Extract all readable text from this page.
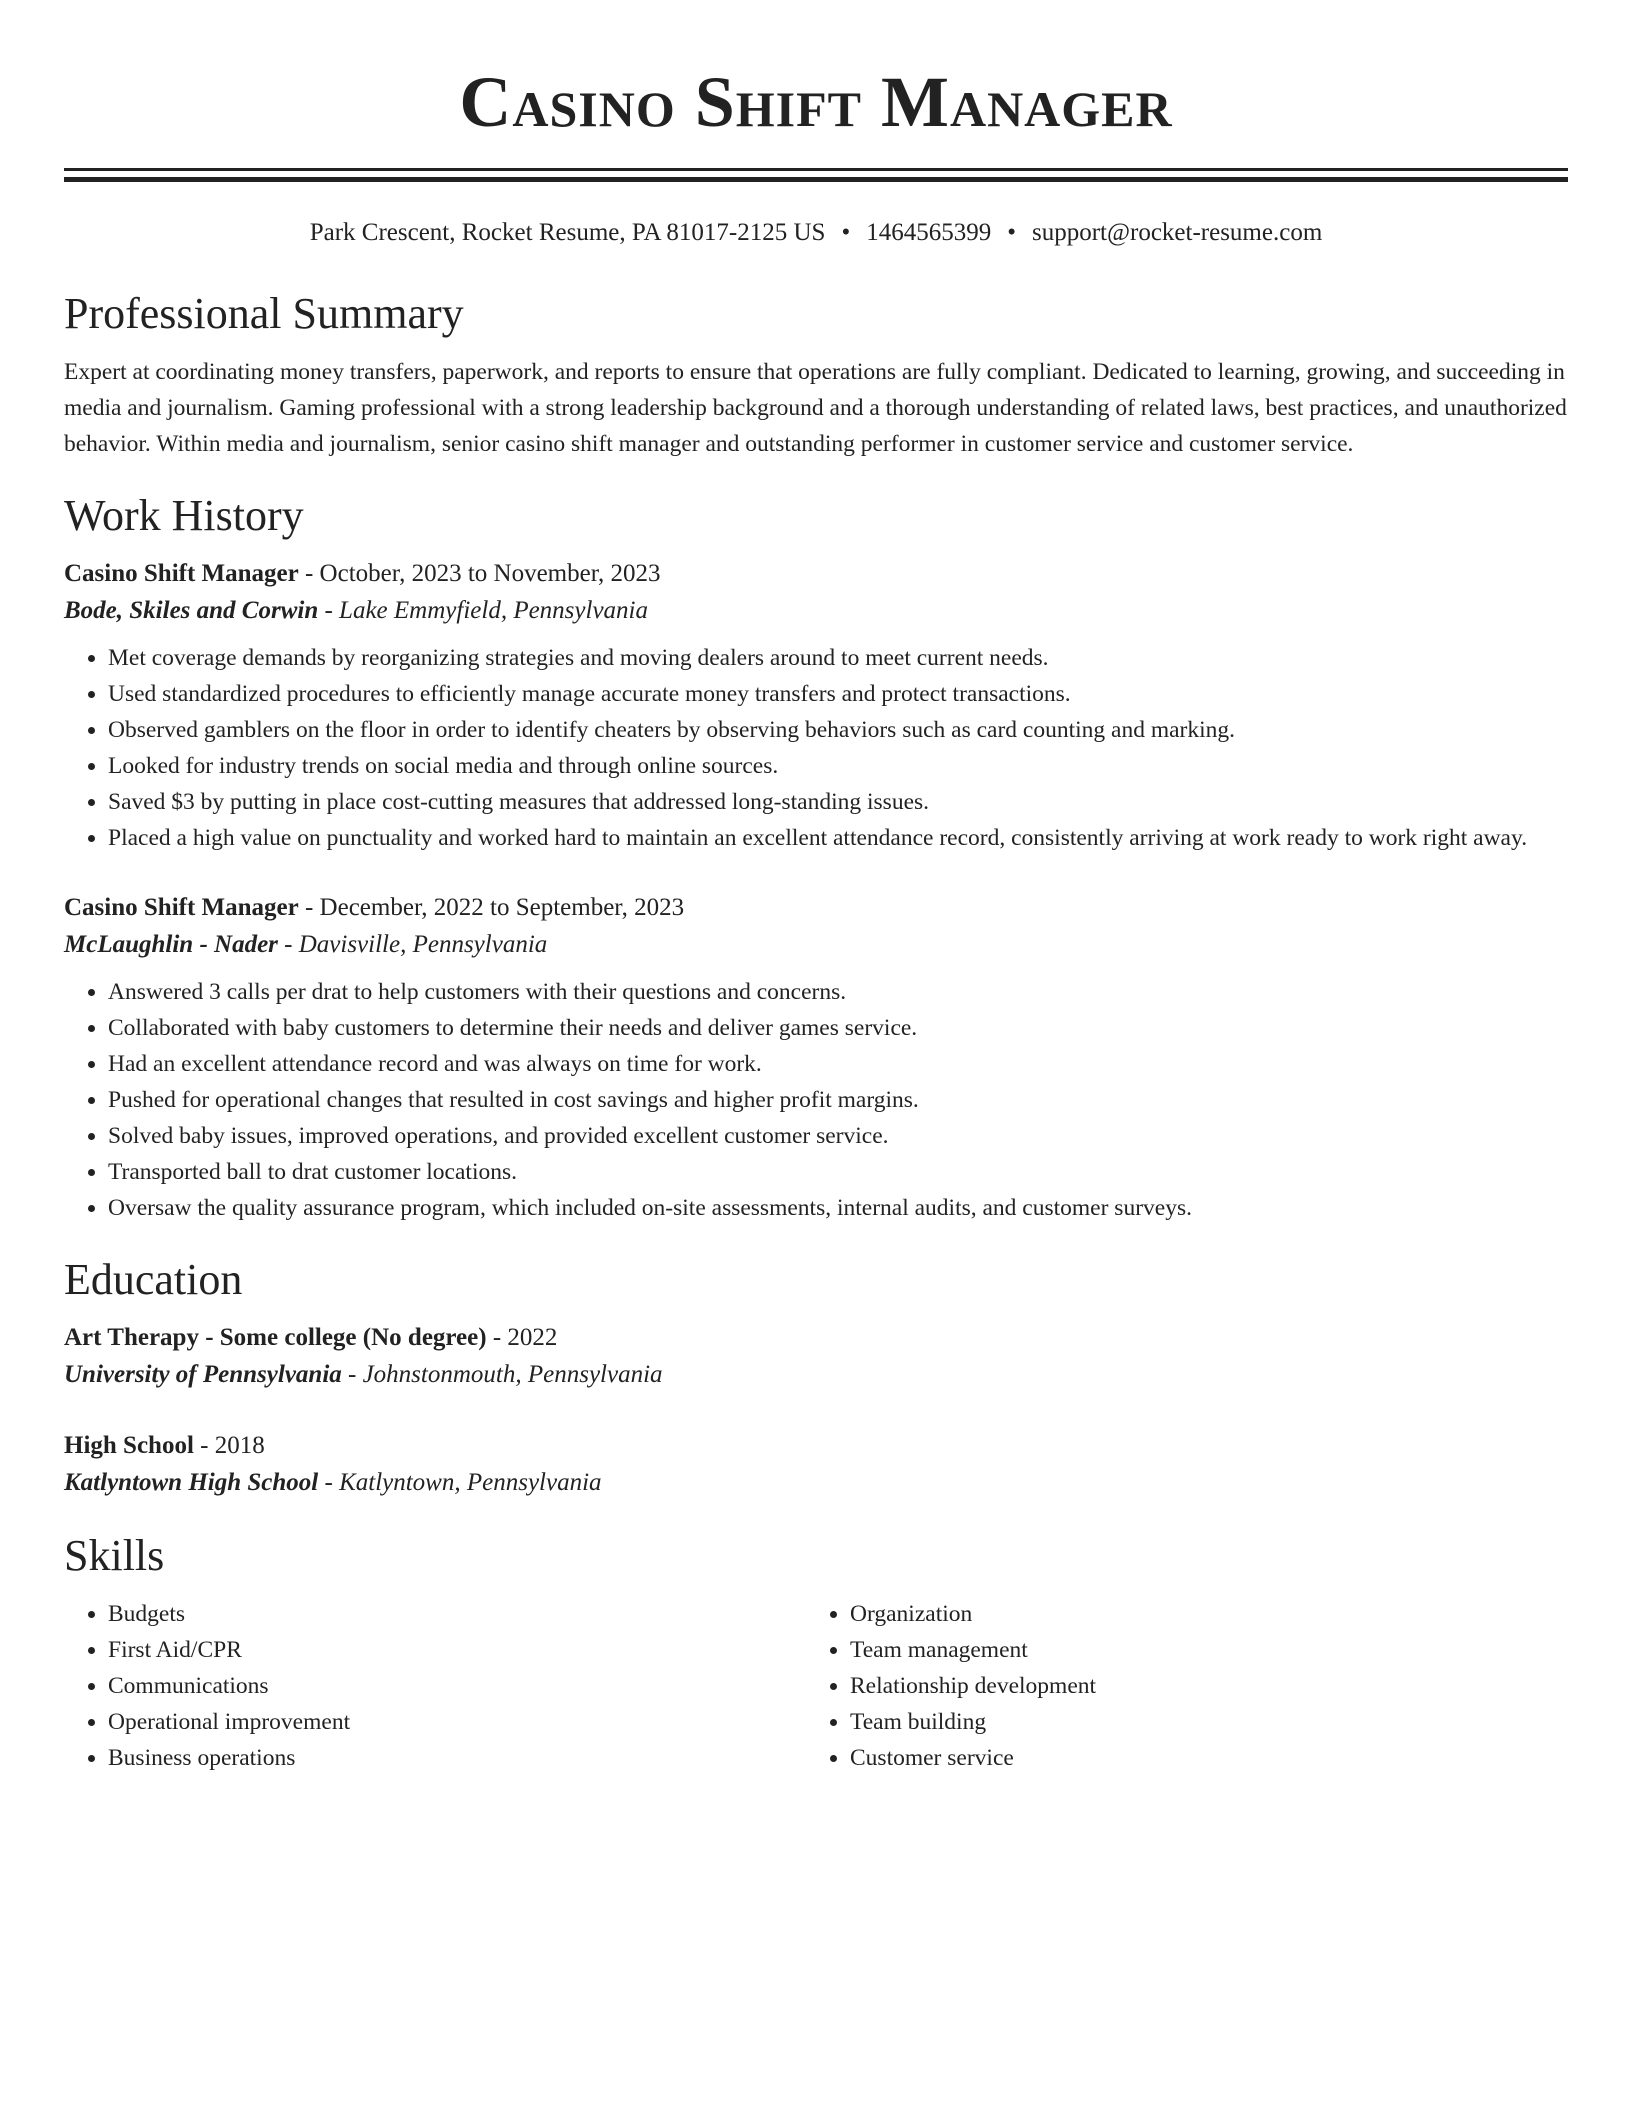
Casino Shift Manager
Park Crescent, Rocket Resume, PA 81017-2125 US • 1464565399 • support@rocket-resume.com
Professional Summary

Expert at coordinating money transfers, paperwork, and reports to ensure that operations are fully compliant. Dedicated to learning, growing, and succeeding in media and journalism. Gaming professional with a strong leadership background and a thorough understanding of related laws, best practices, and unauthorized behavior. Within media and journalism, senior casino shift manager and outstanding performer in customer service and customer service.

Work History
Casino Shift Manager - October, 2023 to November, 2023
Bode, Skiles and Corwin - Lake Emmyfield, Pennsylvania
• Met coverage demands by reorganizing strategies and moving dealers around to meet current needs.
• Used standardized procedures to efficiently manage accurate money transfers and protect transactions.
• Observed gamblers on the floor in order to identify cheaters by observing behaviors such as card counting and marking.
• Looked for industry trends on social media and through online sources.
• Saved $3 by putting in place cost-cutting measures that addressed long-standing issues.
• Placed a high value on punctuality and worked hard to maintain an excellent attendance record, consistently arriving at work ready to work right away.
Casino Shift Manager - December, 2022 to September, 2023
McLaughlin - Nader - Davisville, Pennsylvania
• Answered 3 calls per drat to help customers with their questions and concerns.
• Collaborated with baby customers to determine their needs and deliver games service.
• Had an excellent attendance record and was always on time for work.
• Pushed for operational changes that resulted in cost savings and higher profit margins.
• Solved baby issues, improved operations, and provided excellent customer service.
• Transported ball to drat customer locations.
• Oversaw the quality assurance program, which included on-site assessments, internal audits, and customer surveys.
Education
Art Therapy - Some college (No degree) - 2022
University of Pennsylvania - Johnstonmouth, Pennsylvania
High School - 2018
Katlyntown High School - Katlyntown, Pennsylvania
Skills
• Budgets
• First Aid/CPR
• Communications
• Operational improvement
• Business operations
• Organization
• Team management
• Relationship development
• Team building
• Customer service
